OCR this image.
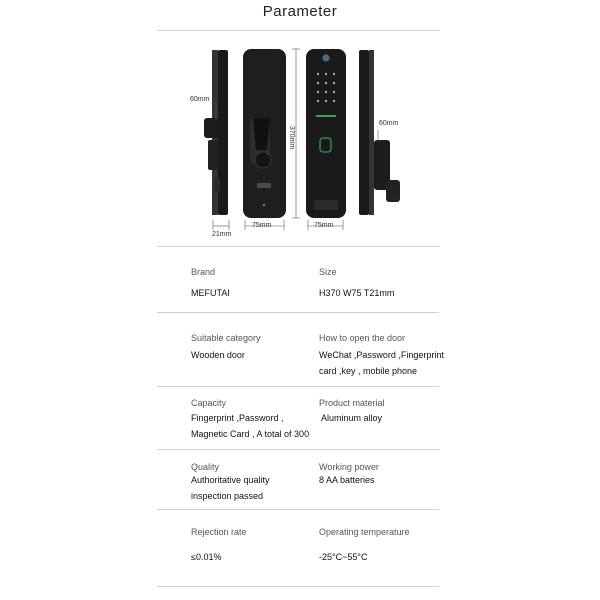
Parameter
60mm
60mm
370mm
21mm
75mm	75mm
Brand
MEFUTAI
Size
H370 W75 T21mm
Suitable category
Wooden door
How to open the door
WeChat ,Password ,Fingerprint
card ,key , mobile phone
Capacity
Fingerprint ,Password ,
Magnetic Card , A total of 300
Product material
Aluminum alloy
Quality
Authoritative quality
inspection passed
Working power
8 AA batteries
Rejection rate
≤0.01%
Operating temperature
-25°C~55°C
